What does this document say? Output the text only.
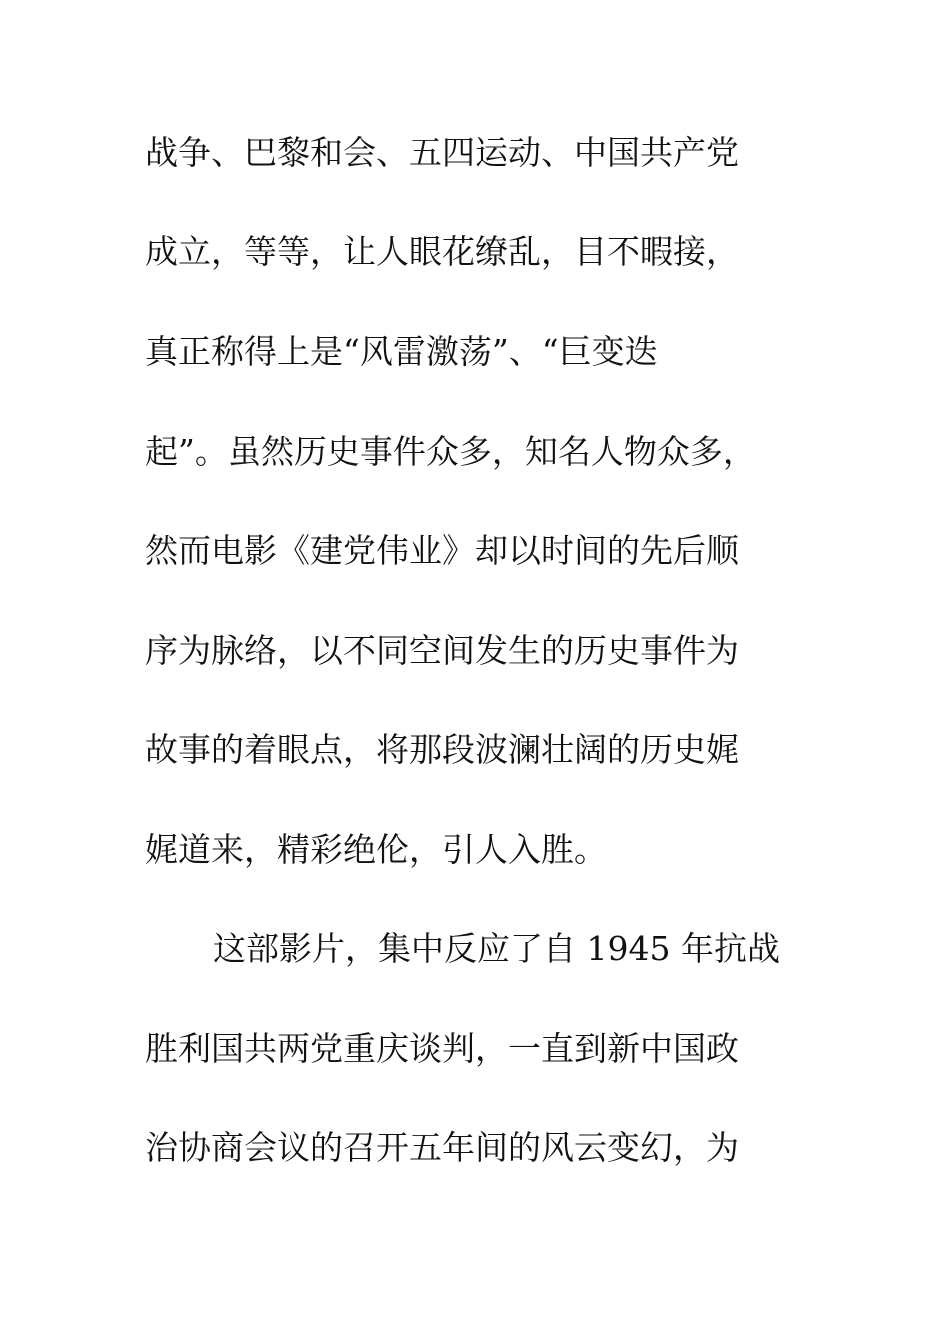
战争、巴黎和会、五四运动、中国共产党
成立，等等，让人眼花缭乱，目不暇接，
真正称得上是“风雷激荡”、“巨变迭
起”。虽然历史事件众多，知名人物众多，
然而电影《建党伟业》却以时间的先后顺
序为脉络，以不同空间发生的历史事件为
故事的着眼点，将那段波澜壮阔的历史娓
娓道来，精彩绝伦，引人入胜。
这部影片，集中反应了自 1945 年抗战
胜利国共两党重庆谈判，一直到新中国政
治协商会议的召开五年间的风云变幻，为
